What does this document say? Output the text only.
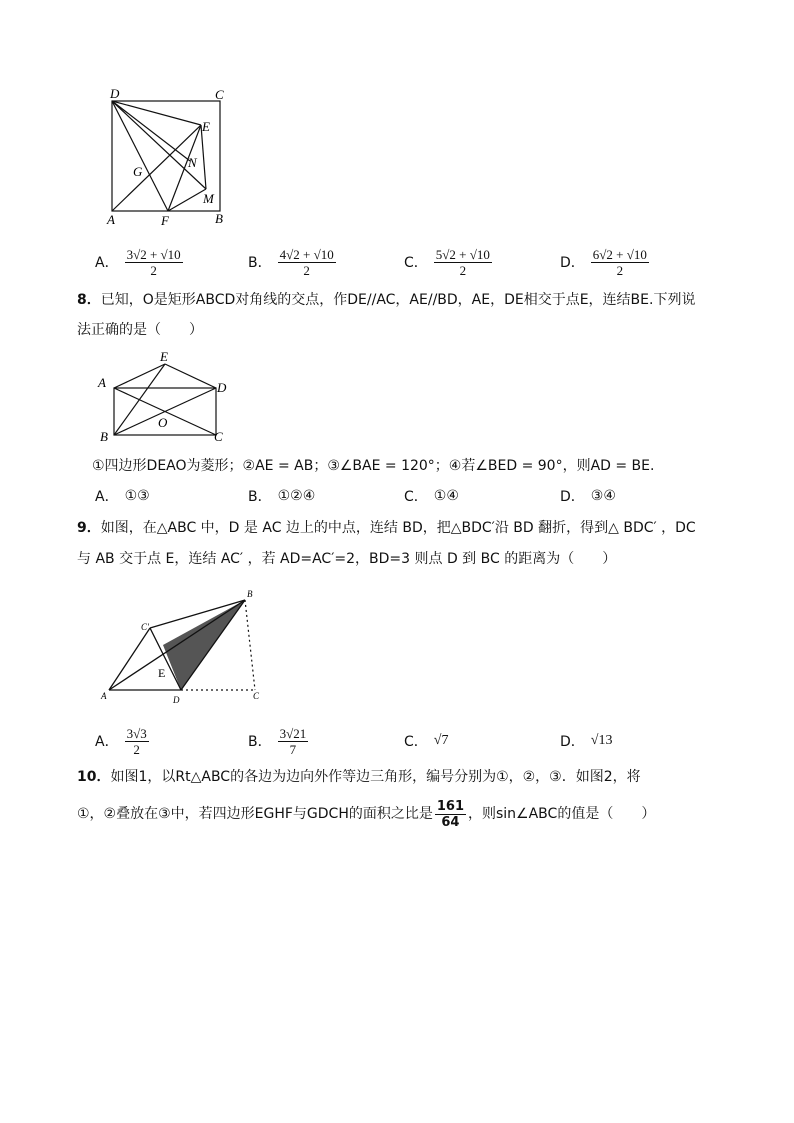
D	C
E
N
G
M
A	F	B
A． $\frac{3√2 + √10}{2}$	B． $\frac{4√2 + √10}{2}$	C． $\frac{5√2 + √10}{2}$	D． $\frac{6√2 + √10}{2}$
8．已知，O是矩形ABCD对角线的交点，作DE//AC，AE//BD，AE，DE相交于点E，连结BE.下列说
法正确的是（　　）
E
A	D
O
B	C
①四边形DEAO为菱形；②AE = AB；③∠BAE = 120°；④若∠BED = 90°，则AD = BE.
A． ①③	B． ①②④	C． ①④	D． ③④
9．如图，在△ABC 中，D 是 AC 边上的中点，连结 BD，把△BDC′沿 BD 翻折，得到△ BDC′ ，DC
与 AB 交于点 E，连结 AC′ ，若 AD=AC′=2，BD=3 则点 D 到 BC 的距离为（　　）
B
C'
E
A	D	C
A． $\frac{3√3}{2}$	B． $\frac{3√21}{7}$	C． √7	D． √13
10．如图1，以Rt△ABC的各边为边向外作等边三角形，编号分别为①，②，③．如图2，将
①，②叠放在③中，若四边形EGHF与GDCH的面积之比是 $\frac{161}{64}$ ，则sin∠ABC的值是（　　）
